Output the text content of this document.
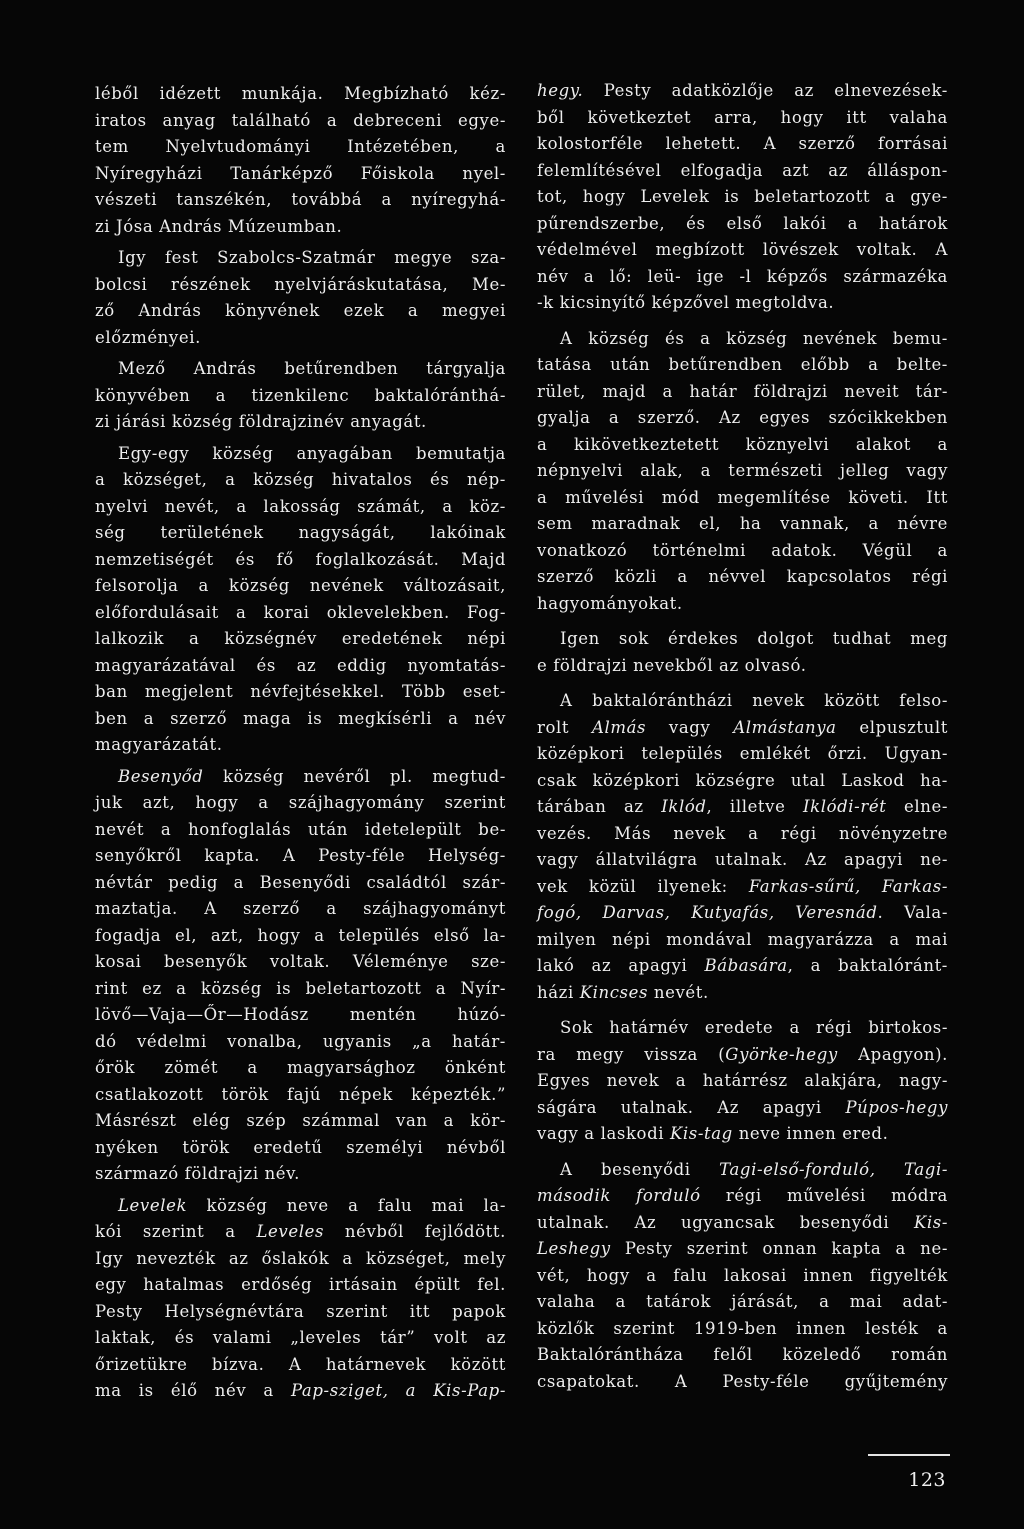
léből idézett munkája. Megbízható kéz-
iratos anyag található a debreceni egye-
tem Nyelvtudományi Intézetében, a
Nyíregyházi Tanárképző Főiskola nyel-
vészeti tanszékén, továbbá a nyíregyhá-
zi Jósa András Múzeumban.
Igy fest Szabolcs-Szatmár megye sza-
bolcsi részének nyelvjáráskutatása, Me-
ző András könyvének ezek a megyei
előzményei.
Mező András betűrendben tárgyalja
könyvében a tizenkilenc baktalóránthá-
zi járási község földrajzinév anyagát.
Egy-egy község anyagában bemutatja
a községet, a község hivatalos és nép-
nyelvi nevét, a lakosság számát, a köz-
ség területének nagyságát, lakóinak
nemzetiségét és fő foglalkozását. Majd
felsorolja a község nevének változásait,
előfordulásait a korai oklevelekben. Fog-
lalkozik a községnév eredetének népi
magyarázatával és az eddig nyomtatás-
ban megjelent névfejtésekkel. Több eset-
ben a szerző maga is megkísérli a név
magyarázatát.
Besenyőd község nevéről pl. megtud-
juk azt, hogy a szájhagyomány szerint
nevét a honfoglalás után idetelepült be-
senyőkről kapta. A Pesty-féle Helység-
névtár pedig a Besenyődi családtól szár-
maztatja. A szerző a szájhagyományt
fogadja el, azt, hogy a település első la-
kosai besenyők voltak. Véleménye sze-
rint ez a község is beletartozott a Nyír-
lövő—Vaja—Őr—Hodász mentén húzó-
dó védelmi vonalba, ugyanis „a határ-
őrök zömét a magyarsághoz önként
csatlakozott török fajú népek képezték.”
Másrészt elég szép számmal van a kör-
nyéken török eredetű személyi névből
származó földrajzi név.
Levelek község neve a falu mai la-
kói szerint a Leveles névből fejlődött.
Igy nevezték az őslakók a községet, mely
egy hatalmas erdőség irtásain épült fel.
Pesty Helységnévtára szerint itt papok
laktak, és valami „leveles tár” volt az
őrizetükre bízva. A határnevek között
ma is élő név a Pap-sziget, a Kis-Pap-
hegy. Pesty adatközlője az elnevezések-
ből következtet arra, hogy itt valaha
kolostorféle lehetett. A szerző forrásai
felemlítésével elfogadja azt az álláspon-
tot, hogy Levelek is beletartozott a gye-
pűrendszerbe, és első lakói a határok
védelmével megbízott lövészek voltak. A
név a lő: leü- ige -l képzős származéka
-k kicsinyítő képzővel megtoldva.
A község és a község nevének bemu-
tatása után betűrendben előbb a belte-
rület, majd a határ földrajzi neveit tár-
gyalja a szerző. Az egyes szócikkekben
a kikövetkeztetett köznyelvi alakot a
népnyelvi alak, a természeti jelleg vagy
a művelési mód megemlítése követi. Itt
sem maradnak el, ha vannak, a névre
vonatkozó történelmi adatok. Végül a
szerző közli a névvel kapcsolatos régi
hagyományokat.
Igen sok érdekes dolgot tudhat meg
e földrajzi nevekből az olvasó.
A baktalórántházi nevek között felso-
rolt Almás vagy Almástanya elpusztult
középkori település emlékét őrzi. Ugyan-
csak középkori községre utal Laskod ha-
tárában az Iklód, illetve Iklódi-rét elne-
vezés. Más nevek a régi növényzetre
vagy állatvilágra utalnak. Az apagyi ne-
vek közül ilyenek: Farkas-sűrű, Farkas-
fogó, Darvas, Kutyafás, Veresnád. Vala-
milyen népi mondával magyarázza a mai
lakó az apagyi Bábasára, a baktalóránt-
házi Kincses nevét.
Sok határnév eredete a régi birtokos-
ra megy vissza (Györke-hegy Apagyon).
Egyes nevek a határrész alakjára, nagy-
ságára utalnak. Az apagyi Púpos-hegy
vagy a laskodi Kis-tag neve innen ered.
A besenyődi Tagi-első-forduló, Tagi-
második forduló régi művelési módra
utalnak. Az ugyancsak besenyődi Kis-
Leshegy Pesty szerint onnan kapta a ne-
vét, hogy a falu lakosai innen figyelték
valaha a tatárok járását, a mai adat-
közlők szerint 1919-ben innen lesték a
Baktalórántháza felől közeledő román
csapatokat. A Pesty-féle gyűjtemény
123
